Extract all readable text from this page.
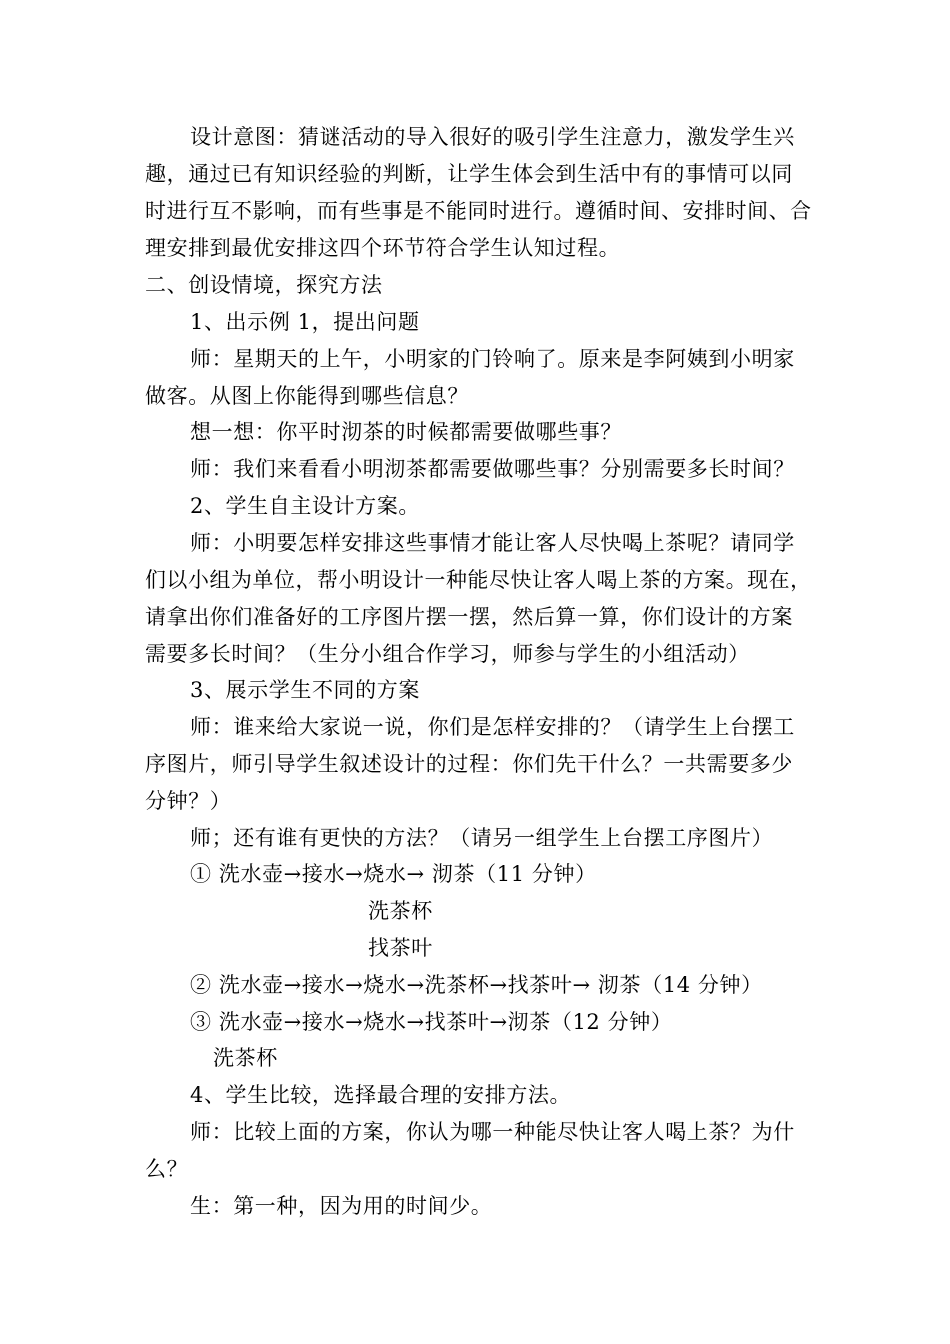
设计意图：猜谜活动的导入很好的吸引学生注意力，激发学生兴
趣，通过已有知识经验的判断，让学生体会到生活中有的事情可以同
时进行互不影响，而有些事是不能同时进行。遵循时间、安排时间、合
理安排到最优安排这四个环节符合学生认知过程。
二、创设情境，探究方法
1、出示例 1，提出问题
师：星期天的上午，小明家的门铃响了。原来是李阿姨到小明家
做客。从图上你能得到哪些信息？
想一想：你平时沏茶的时候都需要做哪些事？
师：我们来看看小明沏茶都需要做哪些事？分别需要多长时间？
2、学生自主设计方案。
师：小明要怎样安排这些事情才能让客人尽快喝上茶呢？请同学
们以小组为单位，帮小明设计一种能尽快让客人喝上茶的方案。现在，
请拿出你们准备好的工序图片摆一摆，然后算一算，你们设计的方案
需要多长时间？（生分小组合作学习，师参与学生的小组活动）
3、展示学生不同的方案
师：谁来给大家说一说，你们是怎样安排的？（请学生上台摆工
序图片，师引导学生叙述设计的过程：你们先干什么？一共需要多少
分钟？）
师；还有谁有更快的方法？（请另一组学生上台摆工序图片）
① 洗水壶→接水→烧水→ 沏茶（11 分钟）
洗茶杯
找茶叶
② 洗水壶→接水→烧水→洗茶杯→找茶叶→ 沏茶（14 分钟）
③ 洗水壶→接水→烧水→找茶叶→沏茶（12 分钟）
洗茶杯
4、学生比较，选择最合理的安排方法。
师：比较上面的方案，你认为哪一种能尽快让客人喝上茶？为什
么？
生：第一种，因为用的时间少。
